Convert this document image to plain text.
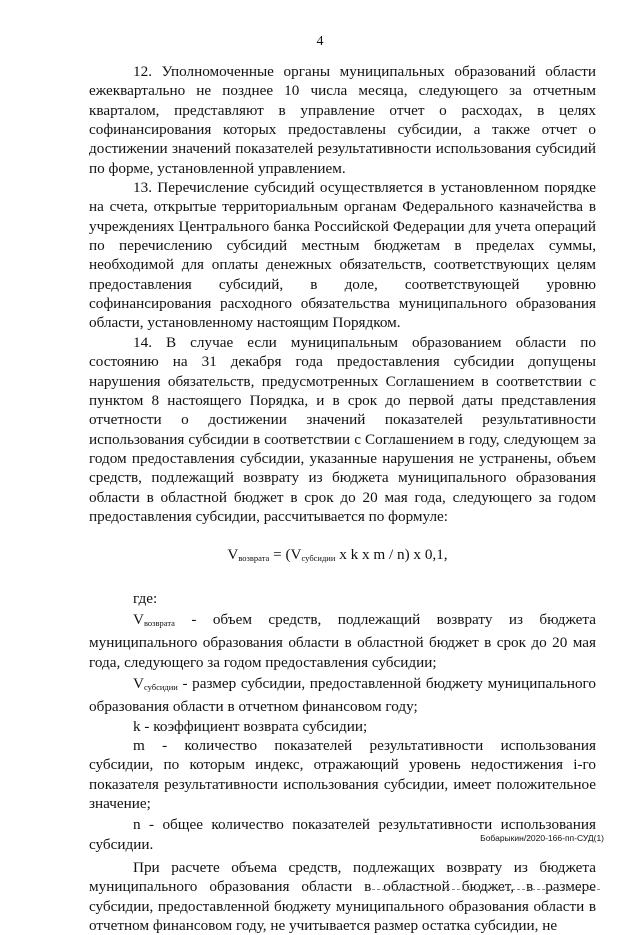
4

12. Уполномоченные органы муниципальных образований области ежеквартально не позднее 10 числа месяца, следующего за отчетным кварталом, представляют в управление отчет о расходах, в целях софинансирования которых предоставлены субсидии, а также отчет о достижении значений показателей результативности использования субсидий по форме, установленной управлением.

13. Перечисление субсидий осуществляется в установленном порядке на счета, открытые территориальным органам Федерального казначейства в учреждениях Центрального банка Российской Федерации для учета операций по перечислению субсидий местным бюджетам в пределах суммы, необходимой для оплаты денежных обязательств, соответствующих целям предоставления субсидий, в доле, соответствующей уровню софинансирования расходного обязательства муниципального образования области, установленному настоящим Порядком.

14. В случае если муниципальным образованием области по состоянию на 31 декабря года предоставления субсидии допущены нарушения обязательств, предусмотренных Соглашением в соответствии с пунктом 8 настоящего Порядка, и в срок до первой даты представления отчетности о достижении значений показателей результативности использования субсидии в соответствии с Соглашением в году, следующем за годом предоставления субсидии, указанные нарушения не устранены, объем средств, подлежащий возврату из бюджета муниципального образования области в областной бюджет в срок до 20 мая года, следующего за годом предоставления субсидии, рассчитывается по формуле:

$V_{возврата} = (V_{субсидии}$ x k x m / n) x 0,1,

где:

$V_{возврата}$ - объем средств, подлежащий возврату из бюджета муниципального образования области в областной бюджет в срок до 20 мая года, следующего за годом предоставления субсидии;

$V_{субсидии}$ - размер субсидии, предоставленной бюджету муниципального образования области в отчетном финансовом году;

k - коэффициент возврата субсидии;

m - количество показателей результативности использования субсидии, по которым индекс, отражающий уровень недостижения i-го показателя результативности использования субсидии, имеет положительное значение;

n - общее количество показателей результативности использования субсидии.

При расчете объема средств, подлежащих возврату из бюджета муниципального образования области в областной бюджет, в размере субсидии, предоставленной бюджету муниципального образования области в отчетном финансовом году, не учитывается размер остатка субсидии, не

Бобарыкин/2020-166-пп-СУД(1)
